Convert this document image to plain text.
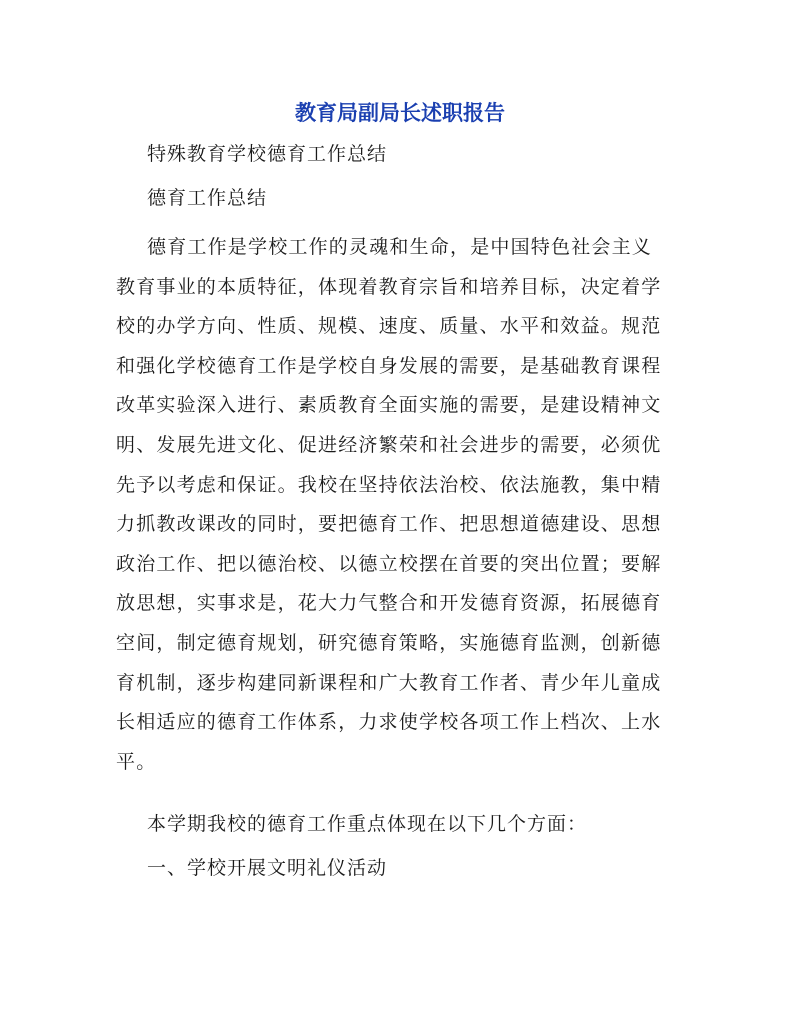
教育局副局长述职报告

特殊教育学校德育工作总结

德育工作总结

德育工作是学校工作的灵魂和生命，是中国特色社会主义
教育事业的本质特征，体现着教育宗旨和培养目标，决定着学
校的办学方向、性质、规模、速度、质量、水平和效益。规范
和强化学校德育工作是学校自身发展的需要，是基础教育课程
改革实验深入进行、素质教育全面实施的需要，是建设精神文
明、发展先进文化、促进经济繁荣和社会进步的需要，必须优
先予以考虑和保证。我校在坚持依法治校、依法施教，集中精
力抓教改课改的同时，要把德育工作、把思想道德建设、思想
政治工作、把以德治校、以德立校摆在首要的突出位置；要解
放思想，实事求是，花大力气整合和开发德育资源，拓展德育
空间，制定德育规划，研究德育策略，实施德育监测，创新德
育机制，逐步构建同新课程和广大教育工作者、青少年儿童成
长相适应的德育工作体系，力求使学校各项工作上档次、上水
平。

本学期我校的德育工作重点体现在以下几个方面：

一、学校开展文明礼仪活动
